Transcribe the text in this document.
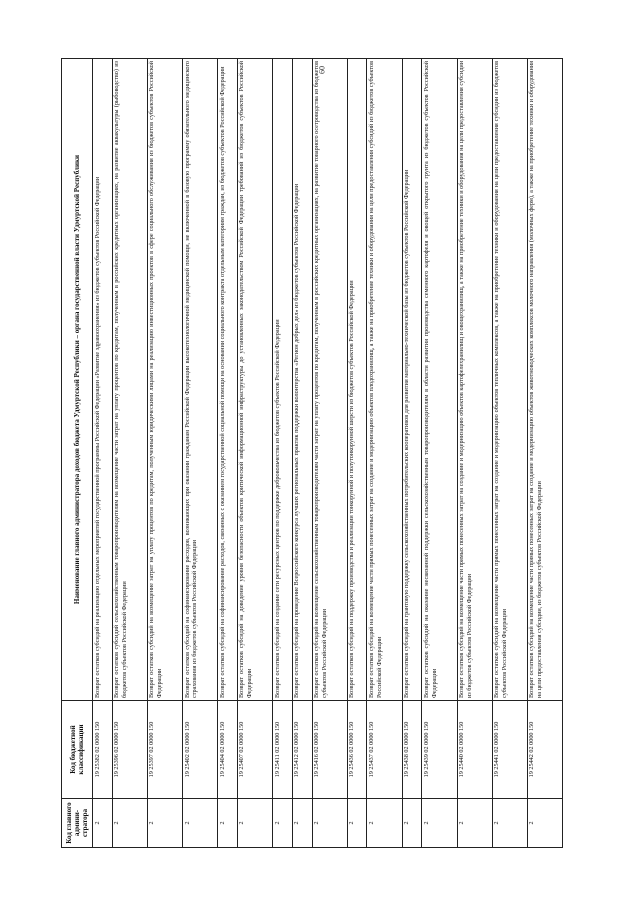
60
Код главного админи-стратора	Код бюджетной классификации	Наименование главного администратора доходов бюджета Удмуртской Республики – органа государственной власти Удмуртской Республики
2	19 25382 02 0000 150	Возврат остатков субсидий на реализацию отдельных мероприятий государственной программы Российской Федерации «Развитие здравоохранения» из бюджетов субъектов Российской Федерации
2	19 25396 02 0000 150	Возврат остатков субсидий сельскохозяйственным товаропроизводителям на возмещение части затрат на уплату процентов по кредитам, полученным в российских кредитных организациях, на развитие аквакультуры (рыбоводство) из бюджетов субъектов Российской Федерации
2	19 25397 02 0000 150	Возврат остатков субсидий на возмещение затрат на уплату процентов по кредитам, полученным юридическими лицами на реализацию инвестиционных проектов в сфере социального обслуживания из бюджетов субъектов Российской Федерации
2	19 25402 02 0000 150	Возврат остатков субсидий на софинансирование расходов, возникающих при оказании гражданам Российской Федерации высокотехнологичной медицинской помощи, не включенной в базовую программу обязательного медицинского страхования из бюджетов субъектов Российской Федерации
2	19 25404 02 0000 150	Возврат остатков субсидий на софинансирование расходов, связанных с оказанием государственной социальной помощи на основании социального контракта отдельным категориям граждан, из бюджетов субъектов Российской Федерации
2	19 25407 02 0000 150	Возврат остатков субсидий на доведение уровня безопасности объектов критической информационной инфраструктуры до установленных законодательством Российской Федерации требований из бюджетов субъектов Российской Федерации
2	19 25411 02 0000 150	Возврат остатков субсидий на создание сети ресурсных центров по поддержке добровольчества из бюджетов субъектов Российской Федерации
2	19 25412 02 0000 150	Возврат остатков субсидий на проведение Всероссийского конкурса лучших региональных практик поддержки волонтерства «Регион добрых дел» из бюджетов субъектов Российской Федерации
2	19 25416 02 0000 150	Возврат остатков субсидий на возмещение сельскохозяйственным товаропроизводителям части затрат на уплату процентов по кредитам, полученным в российских кредитных организациях, на развитие товарного осетроводства из бюджетов субъектов Российской Федерации
2	19 25436 02 0000 150	Возврат остатков субсидий на поддержку производства и реализации тонкорунной и полутонкорунной шерсти из бюджетов субъектов Российской Федерации
2	19 25437 02 0000 150	Возврат остатков субсидий на возмещение части прямых понесенных затрат на создание и модернизацию объектов плодохранилищ, а также на приобретение техники и оборудования на цели предоставления субсидий из бюджетов субъектов Российской Федерации
2	19 25438 02 0000 150	Возврат остатков субсидий на грантовую поддержку сельскохозяйственных потребительских кооперативов для развития материально-технической базы из бюджетов субъектов Российской Федерации
2	19 25439 02 0000 150	Возврат остатков субсидий на оказание несвязанной поддержки сельскохозяйственным товаропроизводителям в области развития производства семенного картофеля и овощей открытого грунта из бюджетов субъектов Российской Федерации
2	19 25440 02 0000 150	Возврат остатков субсидий на возмещение части прямых понесенных затрат на создание и модернизацию объектов картофелехранилищ и овощехранилищ, а также на приобретение техники и оборудования на цели предоставления субсидии из бюджетов субъектов Российской Федерации
2	19 25441 02 0000 150	Возврат остатков субсидий на возмещение части прямых понесенных затрат на создание и модернизацию объектов тепличных комплексов, а также на приобретение техники и оборудования на цели предоставления субсидии из бюджетов субъектов Российской Федерации
2	19 25442 02 0000 150	Возврат остатков субсидий на возмещение части прямых понесенных затрат на создание и модернизацию объектов животноводческих комплексов молочного направления (молочных ферм), а также на приобретение техники и оборудования на цели предоставления субсидии, из бюджетов субъектов Российской Федерации
